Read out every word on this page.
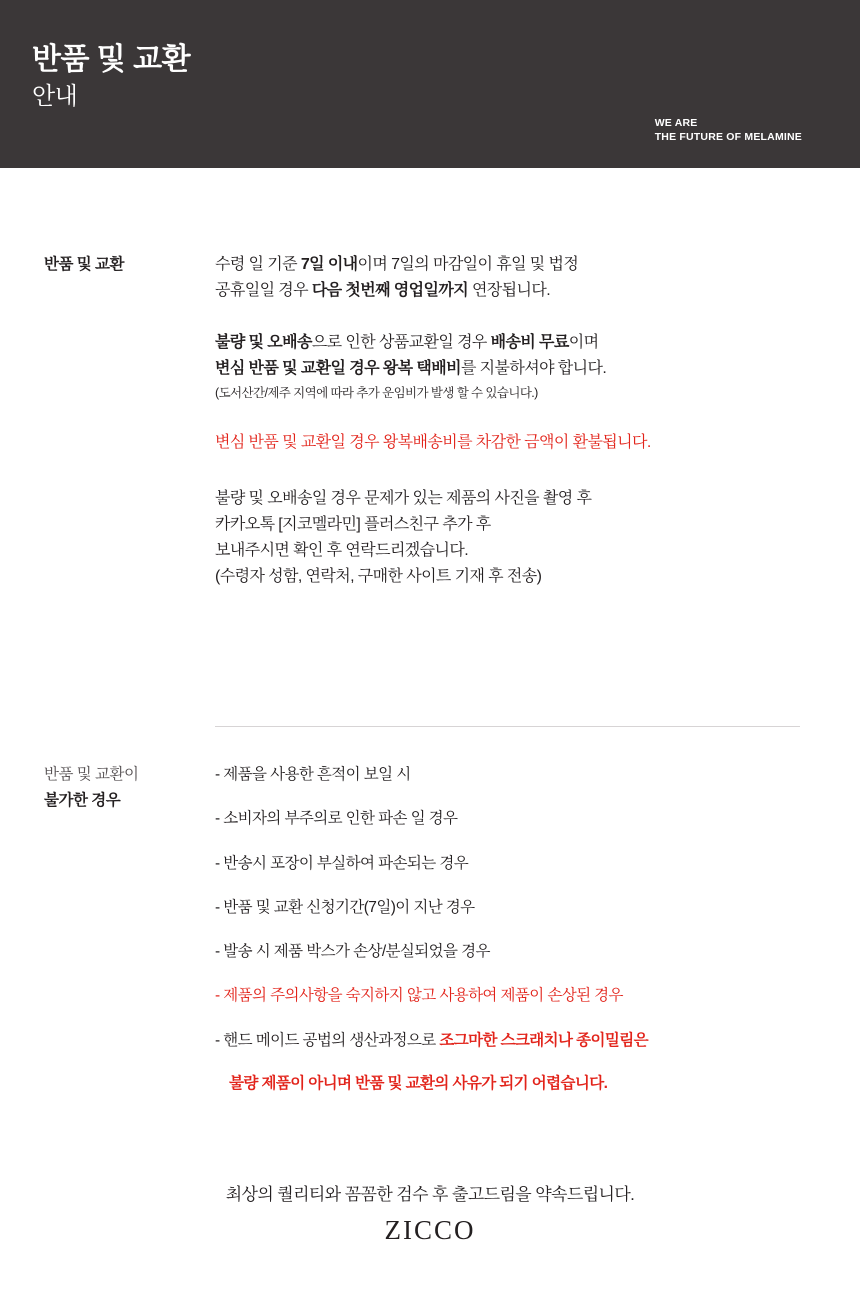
반품 및 교환
안내
WE ARE
THE FUTURE OF MELAMINE
반품 및 교환	수령 일 기준 7일 이내이며 7일의 마감일이 휴일 및 법정
공휴일일 경우 다음 첫번째 영업일까지 연장됩니다.

불량 및 오배송으로 인한 상품교환일 경우 배송비 무료이며
변심 반품 및 교환일 경우 왕복 택배비를 지불하셔야 합니다.

(도서산간/제주 지역에 따라 추가 운임비가 발생 할 수 있습니다.)

변심 반품 및 교환일 경우 왕복배송비를 차감한 금액이 환불됩니다.

불량 및 오배송일 경우 문제가 있는 제품의 사진을 촬영 후
카카오톡 [지코멜라민] 플러스친구 추가 후
보내주시면 확인 후 연락드리겠습니다.
(수령자 성함, 연락처, 구매한 사이트 기재 후 전송)

반품 및 교환이
불가한 경우

- 제품을 사용한 흔적이 보일 시

- 소비자의 부주의로 인한 파손 일 경우

- 반송시 포장이 부실하여 파손되는 경우

- 반품 및 교환 신청기간(7일)이 지난 경우

- 발송 시 제품 박스가 손상/분실되었을 경우

- 제품의 주의사항을 숙지하지 않고 사용하여 제품이 손상된 경우

- 핸드 메이드 공법의 생산과정으로 조그마한 스크래치나 종이밀림은

불량 제품이 아니며 반품 및 교환의 사유가 되기 어렵습니다.

최상의 퀄리티와 꼼꼼한 검수 후 출고드림을 약속드립니다.
ZICCO
